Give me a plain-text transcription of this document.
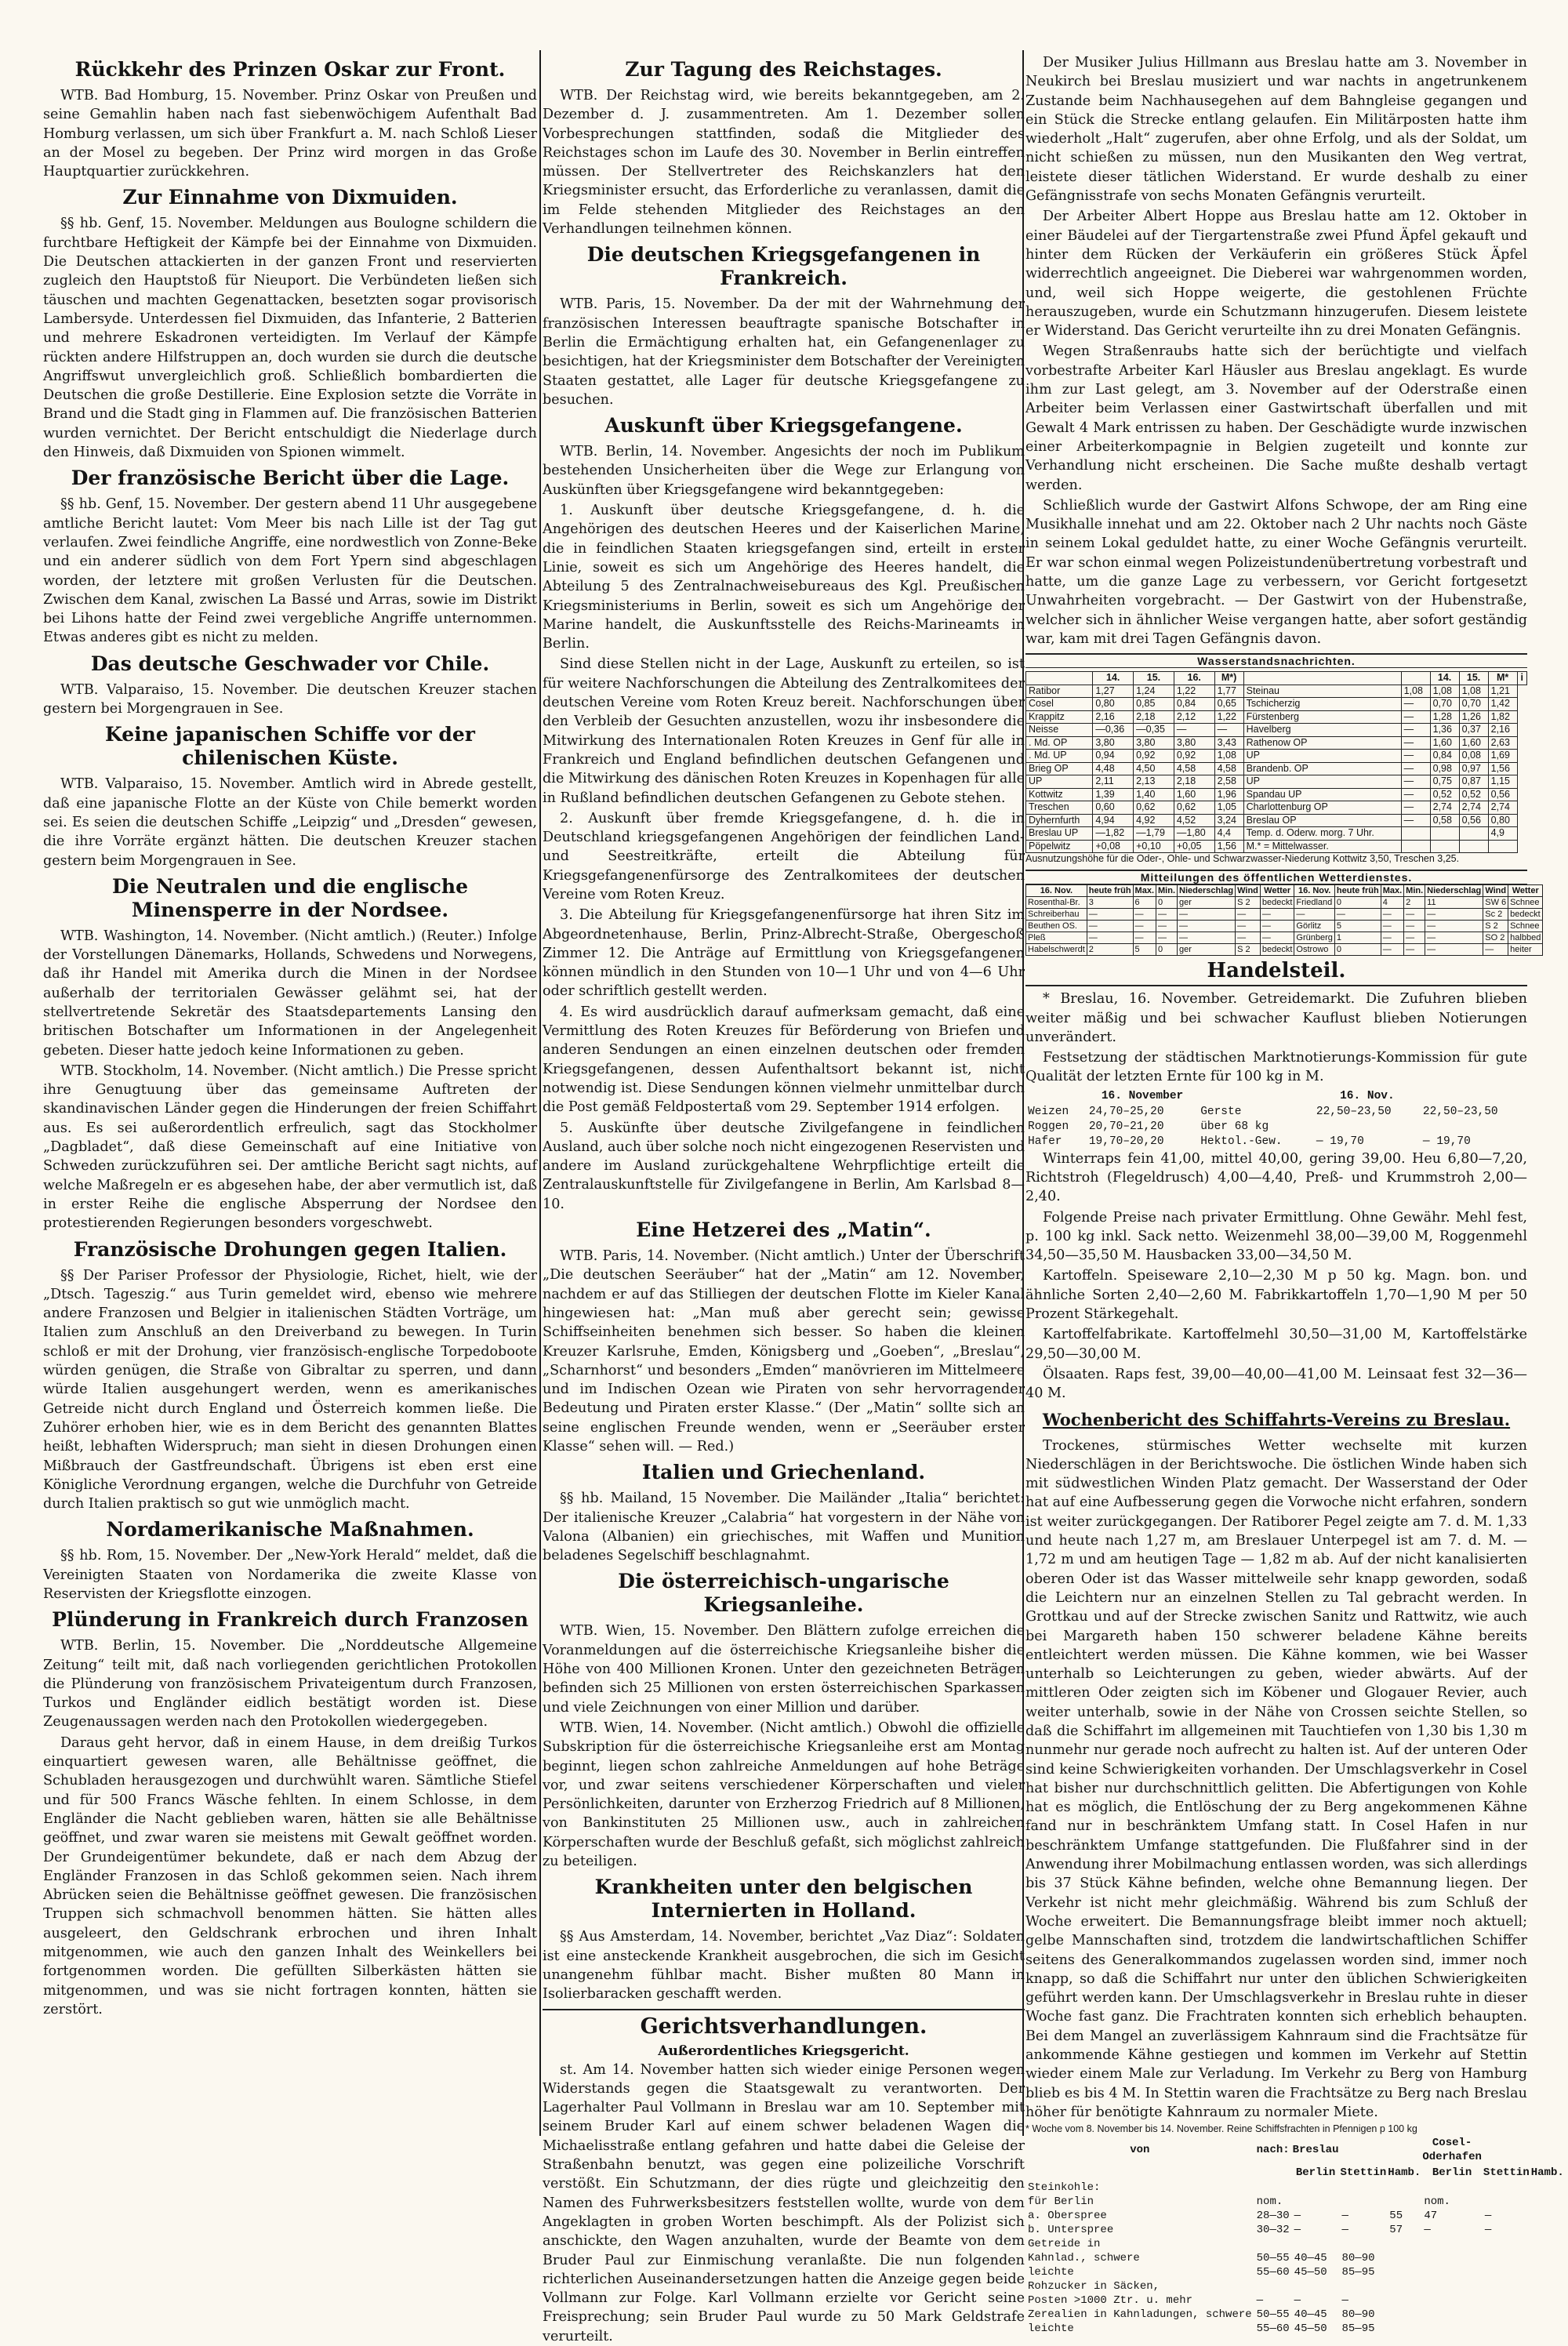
Rückkehr des Prinzen Oskar zur Front.

WTB. Bad Homburg, 15. November. Prinz Oskar von Preußen und seine Gemahlin haben nach fast siebenwöchigem Aufenthalt Bad Homburg verlassen, um sich über Frankfurt a. M. nach Schloß Lieser an der Mosel zu begeben. Der Prinz wird morgen in das Große Hauptquartier zurückkehren.

Zur Einnahme von Dixmuiden.

§§ hb. Genf, 15. November. Meldungen aus Boulogne schildern die furchtbare Heftigkeit der Kämpfe bei der Einnahme von Dixmuiden. Die Deutschen attackierten in der ganzen Front und reservierten zugleich den Hauptstoß für Nieuport. Die Verbündeten ließen sich täuschen und machten Gegenattacken, besetzten sogar provisorisch Lambersyde. Unterdessen fiel Dixmuiden, das Infanterie, 2 Batterien und mehrere Eskadronen verteidigten. Im Verlauf der Kämpfe rückten andere Hilfstruppen an, doch wurden sie durch die deutsche Angriffswut unvergleichlich groß. Schließlich bombardierten die Deutschen die große Destillerie. Eine Explosion setzte die Vorräte in Brand und die Stadt ging in Flammen auf. Die französischen Batterien wurden vernichtet. Der Bericht entschuldigt die Niederlage durch den Hinweis, daß Dixmuiden von Spionen wimmelt.

Der französische Bericht über die Lage.

§§ hb. Genf, 15. November. Der gestern abend 11 Uhr ausgegebene amtliche Bericht lautet: Vom Meer bis nach Lille ist der Tag gut verlaufen. Zwei feindliche Angriffe, eine nordwestlich von Zonne-Beke und ein anderer südlich von dem Fort Ypern sind abgeschlagen worden, der letztere mit großen Verlusten für die Deutschen. Zwischen dem Kanal, zwischen La Bassé und Arras, sowie im Distrikt bei Lihons hatte der Feind zwei vergebliche Angriffe unternommen. Etwas anderes gibt es nicht zu melden.

Das deutsche Geschwader vor Chile.

WTB. Valparaiso, 15. November. Die deutschen Kreuzer stachen gestern bei Morgengrauen in See.

Keine japanischen Schiffe vor der chilenischen Küste.

WTB. Valparaiso, 15. November. Amtlich wird in Abrede gestellt, daß eine japanische Flotte an der Küste von Chile bemerkt worden sei. Es seien die deutschen Schiffe „Leipzig“ und „Dresden“ gewesen, die ihre Vorräte ergänzt hätten. Die deutschen Kreuzer stachen gestern beim Morgengrauen in See.

Die Neutralen und die englische Minensperre in der Nordsee.

WTB. Washington, 14. November. (Nicht amtlich.) (Reuter.) Infolge der Vorstellungen Dänemarks, Hollands, Schwedens und Norwegens, daß ihr Handel mit Amerika durch die Minen in der Nordsee außerhalb der territorialen Gewässer gelähmt sei, hat der stellvertretende Sekretär des Staatsdepartements Lansing den britischen Botschafter um Informationen in der Angelegenheit gebeten. Dieser hatte jedoch keine Informationen zu geben.

WTB. Stockholm, 14. November. (Nicht amtlich.) Die Presse spricht ihre Genugtuung über das gemeinsame Auftreten der skandinavischen Länder gegen die Hinderungen der freien Schiffahrt aus. Es sei außerordentlich erfreulich, sagt das Stockholmer „Dagbladet“, daß diese Gemeinschaft auf eine Initiative von Schweden zurückzuführen sei. Der amtliche Bericht sagt nichts, auf welche Maßregeln er es abgesehen habe, der aber vermutlich ist, daß in erster Reihe die englische Absperrung der Nordsee den protestierenden Regierungen besonders vorgeschwebt.

Französische Drohungen gegen Italien.

§§ Der Pariser Professor der Physiologie, Richet, hielt, wie der „Dtsch. Tageszig.“ aus Turin gemeldet wird, ebenso wie mehrere andere Franzosen und Belgier in italienischen Städten Vorträge, um Italien zum Anschluß an den Dreiverband zu bewegen. In Turin schloß er mit der Drohung, vier französisch-englische Torpedoboote würden genügen, die Straße von Gibraltar zu sperren, und dann würde Italien ausgehungert werden, wenn es amerikanisches Getreide nicht durch England und Österreich kommen ließe. Die Zuhörer erhoben hier, wie es in dem Bericht des genannten Blattes heißt, lebhaften Widerspruch; man sieht in diesen Drohungen einen Mißbrauch der Gastfreundschaft. Übrigens ist eben erst eine Königliche Verordnung ergangen, welche die Durchfuhr von Getreide durch Italien praktisch so gut wie unmöglich macht.

Nordamerikanische Maßnahmen.

§§ hb. Rom, 15. November. Der „New-York Herald“ meldet, daß die Vereinigten Staaten von Nordamerika die zweite Klasse von Reservisten der Kriegsflotte einzogen.

Plünderung in Frankreich durch Franzosen

WTB. Berlin, 15. November. Die „Norddeutsche Allgemeine Zeitung“ teilt mit, daß nach vorliegenden gerichtlichen Protokollen die Plünderung von französischem Privateigentum durch Franzosen, Turkos und Engländer eidlich bestätigt worden ist. Diese Zeugenaussagen werden nach den Protokollen wiedergegeben.

Daraus geht hervor, daß in einem Hause, in dem dreißig Turkos einquartiert gewesen waren, alle Behältnisse geöffnet, die Schubladen herausgezogen und durchwühlt waren. Sämtliche Stiefel und für 500 Francs Wäsche fehlten. In einem Schlosse, in dem Engländer die Nacht geblieben waren, hätten sie alle Behältnisse geöffnet, und zwar waren sie meistens mit Gewalt geöffnet worden. Der Grundeigentümer bekundete, daß er nach dem Abzug der Engländer Franzosen in das Schloß gekommen seien. Nach ihrem Abrücken seien die Behältnisse geöffnet gewesen. Die französischen Truppen sich schmachvoll benommen hätten. Sie hätten alles ausgeleert, den Geldschrank erbrochen und ihren Inhalt mitgenommen, wie auch den ganzen Inhalt des Weinkellers bei fortgenommen worden. Die gefüllten Silberkästen hätten sie mitgenommen, und was sie nicht fortragen konnten, hätten sie zerstört.

Zur Tagung des Reichstages.

WTB. Der Reichstag wird, wie bereits bekanntgegeben, am 2. Dezember d. J. zusammentreten. Am 1. Dezember sollen Vorbesprechungen stattfinden, sodaß die Mitglieder des Reichstages schon im Laufe des 30. November in Berlin eintreffen müssen. Der Stellvertreter des Reichskanzlers hat den Kriegsminister ersucht, das Erforderliche zu veranlassen, damit die im Felde stehenden Mitglieder des Reichstages an den Verhandlungen teilnehmen können.

Die deutschen Kriegsgefangenen in Frankreich.

WTB. Paris, 15. November. Da der mit der Wahrnehmung der französischen Interessen beauftragte spanische Botschafter in Berlin die Ermächtigung erhalten hat, ein Gefangenenlager zu besichtigen, hat der Kriegsminister dem Botschafter der Vereinigten Staaten gestattet, alle Lager für deutsche Kriegsgefangene zu besuchen.

Auskunft über Kriegsgefangene.

WTB. Berlin, 14. November. Angesichts der noch im Publikum bestehenden Unsicherheiten über die Wege zur Erlangung von Auskünften über Kriegsgefangene wird bekanntgegeben:

1. Auskunft über deutsche Kriegsgefangene, d. h. die Angehörigen des deutschen Heeres und der Kaiserlichen Marine, die in feindlichen Staaten kriegsgefangen sind, erteilt in erster Linie, soweit es sich um Angehörige des Heeres handelt, die Abteilung 5 des Zentralnachweisebureaus des Kgl. Preußischen Kriegsministeriums in Berlin, soweit es sich um Angehörige der Marine handelt, die Auskunftsstelle des Reichs-Marineamts in Berlin.

Sind diese Stellen nicht in der Lage, Auskunft zu erteilen, so ist für weitere Nachforschungen die Abteilung des Zentralkomitees der deutschen Vereine vom Roten Kreuz bereit. Nachforschungen über den Verbleib der Gesuchten anzustellen, wozu ihr insbesondere die Mitwirkung des Internationalen Roten Kreuzes in Genf für alle in Frankreich und England befindlichen deutschen Gefangenen und die Mitwirkung des dänischen Roten Kreuzes in Kopenhagen für alle in Rußland befindlichen deutschen Gefangenen zu Gebote stehen.

2. Auskunft über fremde Kriegsgefangene, d. h. die in Deutschland kriegsgefangenen Angehörigen der feindlichen Land- und Seestreitkräfte, erteilt die Abteilung für Kriegsgefangenenfürsorge des Zentralkomitees der deutschen Vereine vom Roten Kreuz.

3. Die Abteilung für Kriegsgefangenenfürsorge hat ihren Sitz im Abgeordnetenhause, Berlin, Prinz-Albrecht-Straße, Obergeschoß Zimmer 12. Die Anträge auf Ermittlung von Kriegsgefangenen können mündlich in den Stunden von 10—1 Uhr und von 4—6 Uhr oder schriftlich gestellt werden.

4. Es wird ausdrücklich darauf aufmerksam gemacht, daß eine Vermittlung des Roten Kreuzes für Beförderung von Briefen und anderen Sendungen an einen einzelnen deutschen oder fremden Kriegsgefangenen, dessen Aufenthaltsort bekannt ist, nicht notwendig ist. Diese Sendungen können vielmehr unmittelbar durch die Post gemäß Feldpostertaß vom 29. September 1914 erfolgen.

5. Auskünfte über deutsche Zivilgefangene in feindlichen Ausland, auch über solche noch nicht eingezogenen Reservisten und andere im Ausland zurückgehaltene Wehrpflichtige erteilt die Zentralauskunftstelle für Zivilgefangene in Berlin, Am Karlsbad 8—10.

Eine Hetzerei des „Matin“.

WTB. Paris, 14. November. (Nicht amtlich.) Unter der Überschrift „Die deutschen Seeräuber“ hat der „Matin“ am 12. November, nachdem er auf das Stilliegen der deutschen Flotte im Kieler Kanal hingewiesen hat: „Man muß aber gerecht sein; gewisse Schiffseinheiten benehmen sich besser. So haben die kleinen Kreuzer Karlsruhe, Emden, Königsberg und „Goeben“, „Breslau“, „Scharnhorst“ und besonders „Emden“ manövrieren im Mittelmeere und im Indischen Ozean wie Piraten von sehr hervorragender Bedeutung und Piraten erster Klasse.“ (Der „Matin“ sollte sich an seine englischen Freunde wenden, wenn er „Seeräuber erster Klasse“ sehen will. — Red.)

Italien und Griechenland.

§§ hb. Mailand, 15 November. Die Mailänder „Italia“ berichtet: Der italienische Kreuzer „Calabria“ hat vorgestern in der Nähe von Valona (Albanien) ein griechisches, mit Waffen und Munition beladenes Segelschiff beschlagnahmt.

Die österreichisch-ungarische Kriegsanleihe.

WTB. Wien, 15. November. Den Blättern zufolge erreichen die Voranmeldungen auf die österreichische Kriegsanleihe bisher die Höhe von 400 Millionen Kronen. Unter den gezeichneten Beträgen befinden sich 25 Millionen von ersten österreichischen Sparkassen und viele Zeichnungen von einer Million und darüber.

WTB. Wien, 14. November. (Nicht amtlich.) Obwohl die offizielle Subskription für die österreichische Kriegsanleihe erst am Montag beginnt, liegen schon zahlreiche Anmeldungen auf hohe Beträge vor, und zwar seitens verschiedener Körperschaften und vieler Persönlichkeiten, darunter von Erzherzog Friedrich auf 8 Millionen, von Bankinstituten 25 Millionen usw., auch in zahlreichen Körperschaften wurde der Beschluß gefaßt, sich möglichst zahlreich zu beteiligen.

Krankheiten unter den belgischen Internierten in Holland.

§§ Aus Amsterdam, 14. November, berichtet „Vaz Diaz“: Soldaten ist eine ansteckende Krankheit ausgebrochen, die sich im Gesicht unangenehm fühlbar macht. Bisher mußten 80 Mann in Isolierbaracken geschafft werden.

Gerichtsverhandlungen.
Außerordentliches Kriegsgericht.

st. Am 14. November hatten sich wieder einige Personen wegen Widerstands gegen die Staatsgewalt zu verantworten. Der Lagerhalter Paul Vollmann in Breslau war am 10. September mit seinem Bruder Karl auf einem schwer beladenen Wagen die Michaelisstraße entlang gefahren und hatte dabei die Geleise der Straßenbahn benutzt, was gegen eine polizeiliche Vorschrift verstößt. Ein Schutzmann, der dies rügte und gleichzeitig den Namen des Fuhrwerksbesitzers feststellen wollte, wurde von dem Angeklagten in groben Worten beschimpft. Als der Polizist sich anschickte, den Wagen anzuhalten, wurde der Beamte von dem Bruder Paul zur Einmischung veranlaßte. Die nun folgenden richterlichen Auseinandersetzungen hatten die Anzeige gegen beide Vollmann zur Folge. Karl Vollmann erzielte vor Gericht seine Freisprechung; sein Bruder Paul wurde zu 50 Mark Geldstrafe verurteilt.

Der Musiker Julius Hillmann aus Breslau hatte am 3. November in Neukirch bei Breslau musiziert und war nachts in angetrunkenem Zustande beim Nachhausegehen auf dem Bahngleise gegangen und ein Stück die Strecke entlang gelaufen. Ein Militärposten hatte ihm wiederholt „Halt“ zugerufen, aber ohne Erfolg, und als der Soldat, um nicht schießen zu müssen, nun den Musikanten den Weg vertrat, leistete dieser tätlichen Widerstand. Er wurde deshalb zu einer Gefängnisstrafe von sechs Monaten Gefängnis verurteilt.

Der Arbeiter Albert Hoppe aus Breslau hatte am 12. Oktober in einer Bäudelei auf der Tiergartenstraße zwei Pfund Äpfel gekauft und hinter dem Rücken der Verkäuferin ein größeres Stück Äpfel widerrechtlich angeeignet. Die Dieberei war wahrgenommen worden, und, weil sich Hoppe weigerte, die gestohlenen Früchte herauszugeben, wurde ein Schutzmann hinzugerufen. Diesem leistete er Widerstand. Das Gericht verurteilte ihn zu drei Monaten Gefängnis.

Wegen Straßenraubs hatte sich der berüchtigte und vielfach vorbestrafte Arbeiter Karl Häusler aus Breslau angeklagt. Es wurde ihm zur Last gelegt, am 3. November auf der Oderstraße einen Arbeiter beim Verlassen einer Gastwirtschaft überfallen und mit Gewalt 4 Mark entrissen zu haben. Der Geschädigte wurde inzwischen einer Arbeiterkompagnie in Belgien zugeteilt und konnte zur Verhandlung nicht erscheinen. Die Sache mußte deshalb vertagt werden.

Schließlich wurde der Gastwirt Alfons Schwope, der am Ring eine Musikhalle innehat und am 22. Oktober nach 2 Uhr nachts noch Gäste in seinem Lokal geduldet hatte, zu einer Woche Gefängnis verurteilt. Er war schon einmal wegen Polizeistundenübertretung vorbestraft und hatte, um die ganze Lage zu verbessern, vor Gericht fortgesetzt Unwahrheiten vorgebracht. — Der Gastwirt von der Hubenstraße, welcher sich in ähnlicher Weise vergangen hatte, aber sofort geständig war, kam mit drei Tagen Gefängnis davon.

Wasserstandsnachrichten.
	14.	15.	16.	M*)			14.	15.	M*	i
Ratibor	1,27	1,24	1,22	1,77	Steinau	1,08	1,08	1,08	1,21	
Cosel	0,80	0,85	0,84	0,65	Tschicherzig	—	0,70	0,70	1,42	
Krappitz	2,16	2,18	2,12	1,22	Fürstenberg	—	1,28	1,26	1,82	
Neisse	—0,36	—0,35	—	—	Havelberg	—	1,36	0,37	2,16	
. Md. OP	3,80	3,80	3,80	3,43	Rathenow OP	—	1,60	1,60	2,63	
. Md. UP	0,94	0,92	0,92	1,08	UP	—	0,84	0,08	1,69	
Brieg OP	4,48	4,50	4,58	4,58	Brandenb. OP	—	0,98	0,97	1,56	
UP	2,11	2,13	2,18	2,58	UP	—	0,75	0,87	1,15	
Kottwitz	1,39	1,40	1,60	1,96	Spandau UP	—	0,52	0,52	0,56	
Treschen	0,60	0,62	0,62	1,05	Charlottenburg OP	—	2,74	2,74	2,74	
Dyhernfurth	4,94	4,92	4,52	3,24	Breslau OP	—	0,58	0,56	0,80	
Breslau UP	—1,82	—1,79	—1,80	4,4	Temp. d. Oderw. morg. 7 Uhr.				4,9	
Pöpelwitz	+0,08	+0,10	+0,05	1,56	M.* = Mittelwasser.					
Ausnutzungshöhe für die Oder-, Ohle- und Schwarzwasser-Niederung Kottwitz 3,50, Treschen 3,25.
Mitteilungen des öffentlichen Wetterdienstes.
16. Nov.	heute früh	Max.	Min.	Niederschlag	Wind	Wetter	16. Nov.	heute früh	Max.	Min.	Niederschlag	Wind	Wetter
Rosenthal-Br.	3	6	0	ger	S 2	bedeckt	Friedland	0	4	2	11	SW 6	Schnee
Schreiberhau	—	—	—	—	—	—	—	—	—	—	—	Sc 2	bedeckt
Beuthen OS.	—	—	—	—	—	—	Görlitz	5	—	—	—	S 2	Schnee
Pleß	—	—	—	—	—	—	Grünberg	1	—	—	—	SO 2	halbbed
Habelschwerdt	2	5	0	ger	S 2	bedeckt	Ostrowo	0	—	—	—	—	heiter
Handelsteil.

* Breslau, 16. November. Getreidemarkt. Die Zufuhren blieben weiter mäßig und bei schwacher Kauflust blieben Notierungen unverändert.

Festsetzung der städtischen Marktnotierungs-Kommission für gute Qualität der letzten Ernte für 100 kg in M.

	16. November		16. Nov.	
Weizen	24,70–25,20	Gerste	22,50–23,50	22,50–23,50
Roggen	20,70–21,20	über 68 kg		
Hafer	19,70–20,20	Hektol.-Gew.	— 19,70	— 19,70

Winterraps fein 41,00, mittel 40,00, gering 39,00. Heu 6,80—7,20, Richtstroh (Flegeldrusch) 4,00—4,40, Preß- und Krummstroh 2,00—2,40.

Folgende Preise nach privater Ermittlung. Ohne Gewähr. Mehl fest, p. 100 kg inkl. Sack netto. Weizenmehl 38,00—39,00 M, Roggenmehl 34,50—35,50 M. Hausbacken 33,00—34,50 M.

Kartoffeln. Speiseware 2,10—2,30 M p 50 kg. Magn. bon. und ähnliche Sorten 2,40—2,60 M. Fabrikkartoffeln 1,70—1,90 M per 50 Prozent Stärkegehalt.

Kartoffelfabrikate. Kartoffelmehl 30,50—31,00 M, Kartoffelstärke 29,50—30,00 M.

Ölsaaten. Raps fest, 39,00—40,00—41,00 M. Leinsaat fest 32—36—40 M.

Wochenbericht des Schiffahrts-Vereins zu Breslau.

Trockenes, stürmisches Wetter wechselte mit kurzen Niederschlägen in der Berichtswoche. Die östlichen Winde haben sich mit südwestlichen Winden Platz gemacht. Der Wasserstand der Oder hat auf eine Aufbesserung gegen die Vorwoche nicht erfahren, sondern ist weiter zurückgegangen. Der Ratiborer Pegel zeigte am 7. d. M. 1,33 und heute nach 1,27 m, am Breslauer Unterpegel ist am 7. d. M. — 1,72 m und am heutigen Tage — 1,82 m ab. Auf der nicht kanalisierten oberen Oder ist das Wasser mittelweile sehr knapp geworden, sodaß die Leichtern nur an einzelnen Stellen zu Tal gebracht werden. In Grottkau und auf der Strecke zwischen Sanitz und Rattwitz, wie auch bei Margareth haben 150 schwerer beladene Kähne bereits entleichtert werden müssen. Die Kähne kommen, wie bei Wasser unterhalb so Leichterungen zu geben, wieder abwärts. Auf der mittleren Oder zeigten sich im Köbener und Glogauer Revier, auch weiter unterhalb, sowie in der Nähe von Crossen seichte Stellen, so daß die Schiffahrt im allgemeinen mit Tauchtiefen von 1,30 bis 1,30 m nunmehr nur gerade noch aufrecht zu halten ist. Auf der unteren Oder sind keine Schwierigkeiten vorhanden. Der Umschlagsverkehr in Cosel hat bisher nur durchschnittlich gelitten. Die Abfertigungen von Kohle hat es möglich, die Entlöschung der zu Berg angekommenen Kähne fand nur in beschränktem Umfang statt. In Cosel Hafen in nur beschränktem Umfange stattgefunden. Die Flußfahrer sind in der Anwendung ihrer Mobilmachung entlassen worden, was sich allerdings bis 37 Stück Kähne befinden, welche ohne Bemannung liegen. Der Verkehr ist nicht mehr gleichmäßig. Während bis zum Schluß der Woche erweitert. Die Bemannungsfrage bleibt immer noch aktuell; gelbe Mannschaften sind, trotzdem die landwirtschaftlichen Schiffer seitens des Generalkommandos zugelassen worden sind, immer noch knapp, so daß die Schiffahrt nur unter den üblichen Schwierigkeiten geführt werden kann. Der Umschlagsverkehr in Breslau ruhte in dieser Woche fast ganz. Die Frachtraten konnten sich erheblich behaupten. Bei dem Mangel an zuverlässigem Kahnraum sind die Frachtsätze für ankommende Kähne gestiegen und kommen im Verkehr auf Stettin wieder einem Male zur Verladung. Im Verkehr zu Berg von Hamburg blieb es bis 4 M. In Stettin waren die Frachtsätze zu Berg nach Breslau höher für benötigte Kahnraum zu normaler Miete.

* Woche vom 8. November bis 14. November. Reine Schiffsfrachten in Pfennigen p 100 kg
von	nach:	Breslau			Cosel-Oderhafen		
		Berlin	Stettin	Hamb.	Berlin	Stettin	Hamb.
Steinkohle:							
für Berlin	nom.				nom.		
a. Oberspree	28—30	—	—	55	47	—	
b. Unterspree	30—32	—	—	57	—	—	
Getreide in							
Kahnlad., schwere	50—55	40—45	80—90				
leichte	55—60	45—50	85—95				
Rohzucker in Säcken,							
Posten >1000 Ztr. u. mehr	—	—	—				
Zerealien in Kahnladungen, schwere	50—55	40—45	80—90				
leichte	55—60	45—50	85—95				
